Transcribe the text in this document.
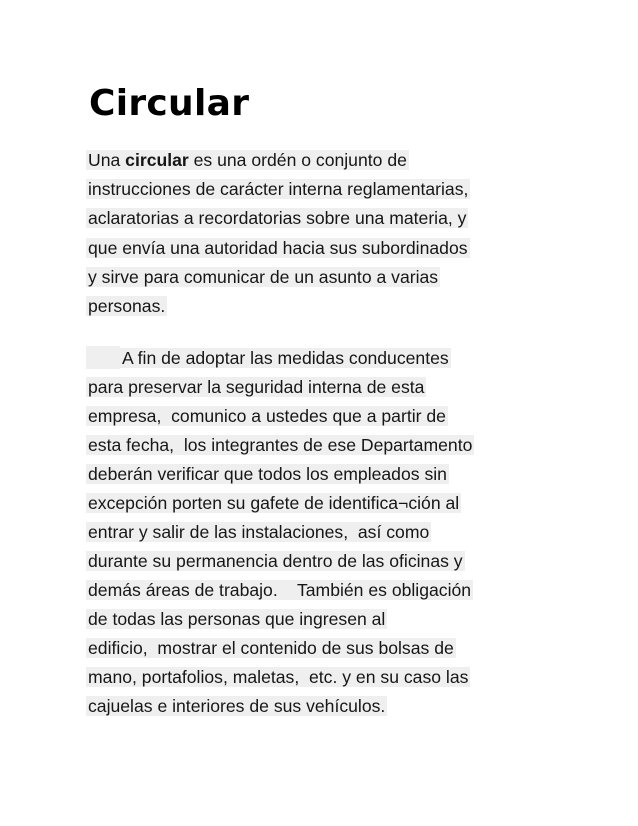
Circular
Una circular es una ordén o conjunto de
instrucciones de carácter interna reglamentarias,
aclaratorias a recordatorias sobre una materia, y
que envía una autoridad hacia sus subordinados
y sirve para comunicar de un asunto a varias
personas.
A fin de adoptar las medidas conducentes
para preservar la seguridad interna de esta
empresa,  comunico a ustedes que a partir de
esta fecha,  los integrantes de ese Departamento
deberán verificar que todos los empleados sin
excepción porten su gafete de identifica¬ción al
entrar y salir de las instalaciones,  así como
durante su permanencia dentro de las oficinas y
demás áreas de trabajo.    También es obligación
de todas las personas que ingresen al
edificio,  mostrar el contenido de sus bolsas de
mano, portafolios, maletas,  etc. y en su caso las
cajuelas e interiores de sus vehículos.
